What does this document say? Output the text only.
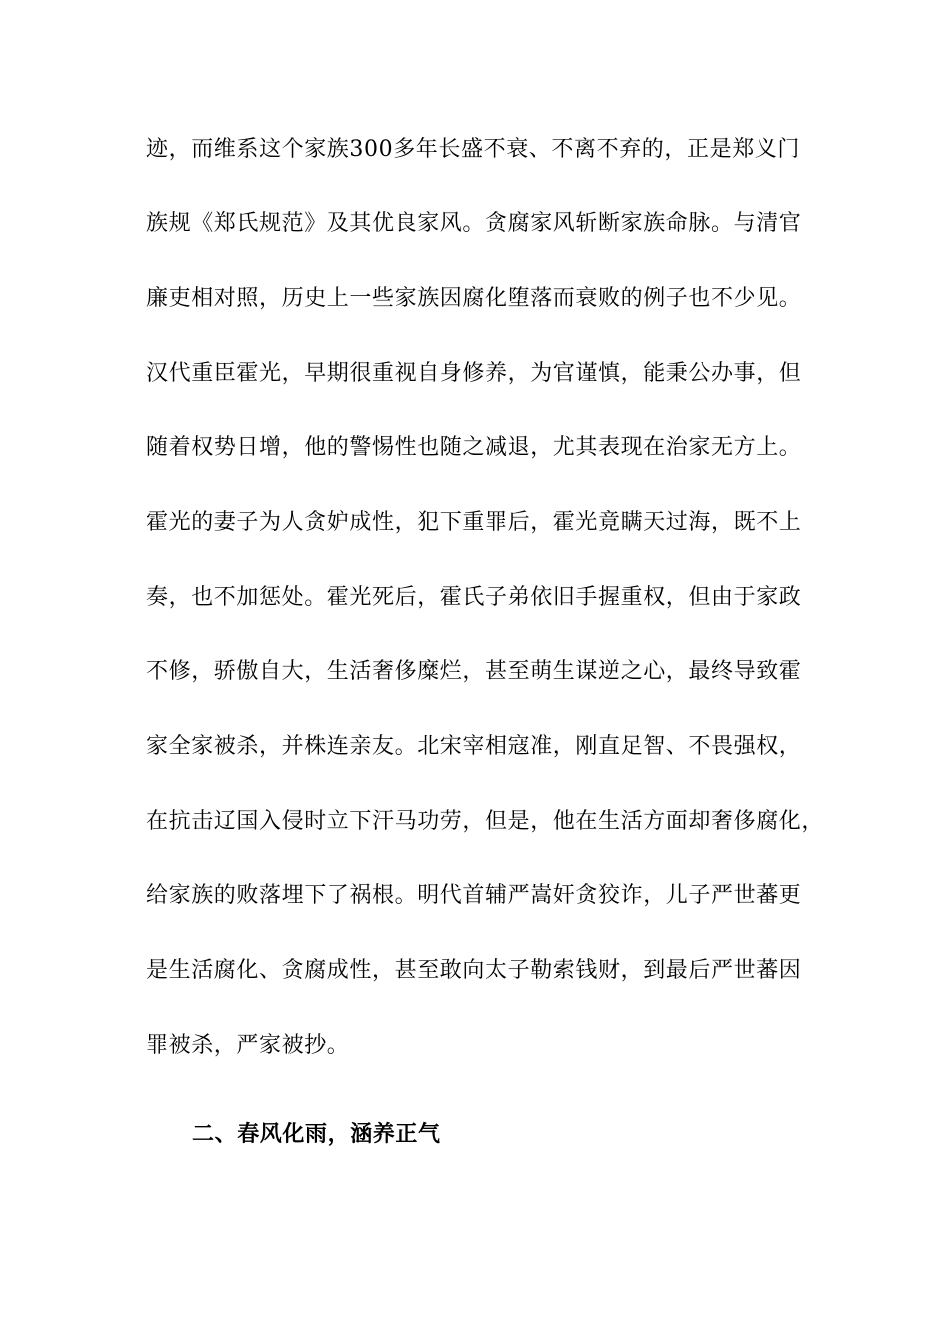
迹，而维系这个家族300多年长盛不衰、不离不弃的，正是郑义门
族规《郑氏规范》及其优良家风。贪腐家风斩断家族命脉。与清官
廉吏相对照，历史上一些家族因腐化堕落而衰败的例子也不少见。
汉代重臣霍光，早期很重视自身修养，为官谨慎，能秉公办事，但
随着权势日增，他的警惕性也随之减退，尤其表现在治家无方上。
霍光的妻子为人贪妒成性，犯下重罪后，霍光竟瞒天过海，既不上
奏，也不加惩处。霍光死后，霍氏子弟依旧手握重权，但由于家政
不修，骄傲自大，生活奢侈糜烂，甚至萌生谋逆之心，最终导致霍
家全家被杀，并株连亲友。北宋宰相寇准，刚直足智、不畏强权，
在抗击辽国入侵时立下汗马功劳，但是，他在生活方面却奢侈腐化，
给家族的败落埋下了祸根。明代首辅严嵩奸贪狡诈，儿子严世蕃更
是生活腐化、贪腐成性，甚至敢向太子勒索钱财，到最后严世蕃因
罪被杀，严家被抄。
二、春风化雨，涵养正气
